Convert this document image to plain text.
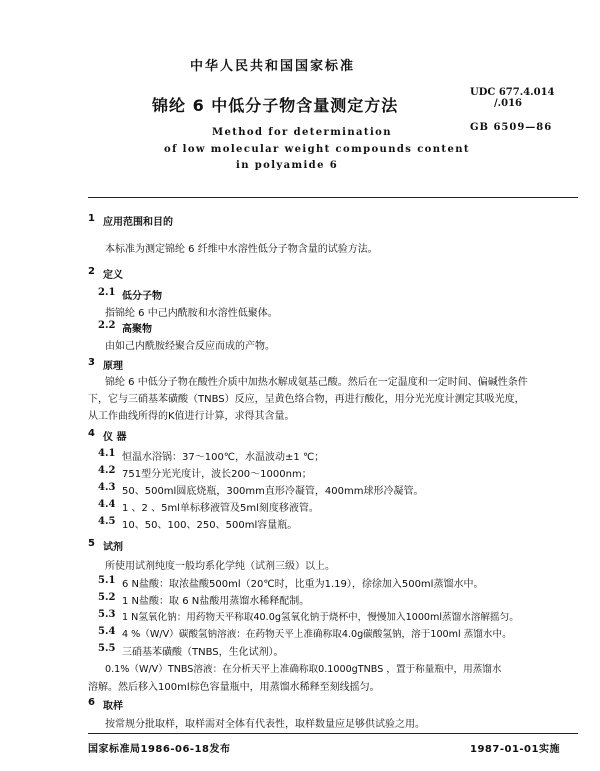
中华人民共和国国家标准
锦纶 6 中低分子物含量测定方法
Method for determination
of low molecular weight compounds content
in polyamide 6
UDC 677.4.014
/.016
GB 6509—86
1 应用范围和目的
本标准为测定锦纶 6 纤维中水溶性低分子物含量的试验方法。
2 定义
2.1 低分子物
指锦纶 6 中己内酰胺和水溶性低聚体。
2.2 高聚物
由如己内酰胺经聚合反应而成的产物。
3 原理
锦纶 6 中低分子物在酸性介质中加热水解成氨基己酸。然后在一定温度和一定时间、偏碱性条件
下，它与三硝基苯磺酸（TNBS）反应，呈黄色络合物，再进行酸化，用分光光度计测定其吸光度，
从工作曲线所得的K值进行计算，求得其含量。
4 仪 器
4.1 恒温水浴锅：37～100℃，水温波动±1 ℃；
4.2 751型分光光度计，波长200～1000nm；
4.3 50、500ml圆底烧瓶，300mm直形冷凝管，400mm球形冷凝管。
4.4 1 、2 、5ml单标移液管及5ml刻度移液管。
4.5 10、50、100、250、500ml容量瓶。
5 试剂
所使用试剂纯度一般均系化学纯（试剂三级）以上。
5.1 6 N盐酸：取浓盐酸500ml（20℃时，比重为1.19），徐徐加入500ml蒸馏水中。
5.2 1 N盐酸：取 6 N盐酸用蒸馏水稀释配制。
5.3 1 N氢氧化钠：用药物天平称取40.0g氢氧化钠于烧杯中，慢慢加入1000ml蒸馏水溶解摇匀。
5.4 4 %（W/V）碳酸氢钠溶液：在药物天平上准确称取4.0g碳酸氢钠，溶于100ml 蒸馏水中。
5.5 三硝基苯磺酸（TNBS，生化试剂）。
0.1%（W/V）TNBS溶液：在分析天平上准确称取0.1000gTNBS ，置于称量瓶中，用蒸馏水
溶解。然后移入100ml棕色容量瓶中，用蒸馏水稀释至刻线摇匀。
6 取样
按常规分批取样，取样需对全体有代表性，取样数量应足够供试验之用。
国家标准局1986-06-18发布	1987-01-01实施
